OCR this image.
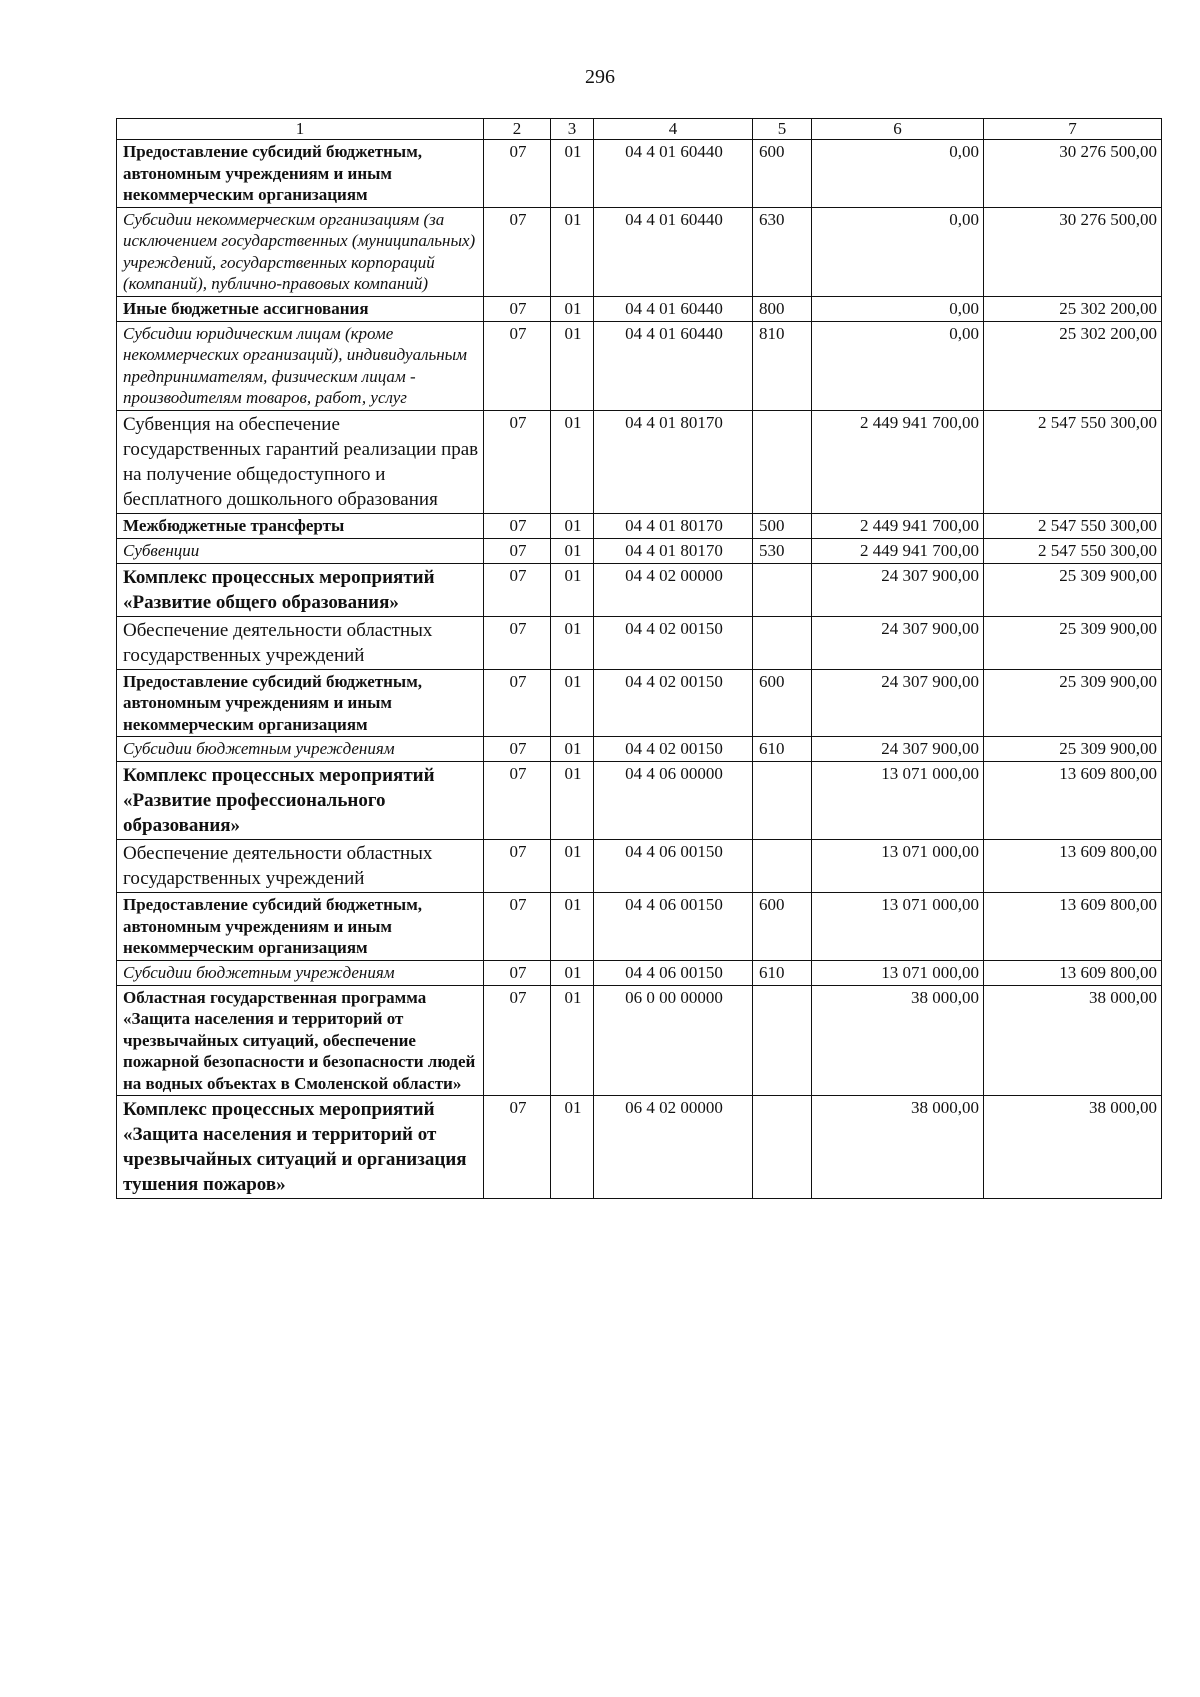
296
1	2	3	4	5	6	7
Предоставление субсидий бюджетным, автономным учреждениям и иным некоммерческим организациям	07	01	04 4 01 60440	600	0,00	30 276 500,00
Субсидии некоммерческим организациям (за исключением государственных (муниципальных) учреждений, государственных корпораций (компаний), публично-правовых компаний)	07	01	04 4 01 60440	630	0,00	30 276 500,00
Иные бюджетные ассигнования	07	01	04 4 01 60440	800	0,00	25 302 200,00
Субсидии юридическим лицам (кроме некоммерческих организаций), индивидуальным предпринимателям, физическим лицам - производителям товаров, работ, услуг	07	01	04 4 01 60440	810	0,00	25 302 200,00
Субвенция на обеспечение государственных гарантий реализации прав на получение общедоступного и бесплатного дошкольного образования	07	01	04 4 01 80170		2 449 941 700,00	2 547 550 300,00
Межбюджетные трансферты	07	01	04 4 01 80170	500	2 449 941 700,00	2 547 550 300,00
Субвенции	07	01	04 4 01 80170	530	2 449 941 700,00	2 547 550 300,00
Комплекс процессных мероприятий «Развитие общего образования»	07	01	04 4 02 00000		24 307 900,00	25 309 900,00
Обеспечение деятельности областных государственных учреждений	07	01	04 4 02 00150		24 307 900,00	25 309 900,00
Предоставление субсидий бюджетным, автономным учреждениям и иным некоммерческим организациям	07	01	04 4 02 00150	600	24 307 900,00	25 309 900,00
Субсидии бюджетным учреждениям	07	01	04 4 02 00150	610	24 307 900,00	25 309 900,00
Комплекс процессных мероприятий «Развитие профессионального образования»	07	01	04 4 06 00000		13 071 000,00	13 609 800,00
Обеспечение деятельности областных государственных учреждений	07	01	04 4 06 00150		13 071 000,00	13 609 800,00
Предоставление субсидий бюджетным, автономным учреждениям и иным некоммерческим организациям	07	01	04 4 06 00150	600	13 071 000,00	13 609 800,00
Субсидии бюджетным учреждениям	07	01	04 4 06 00150	610	13 071 000,00	13 609 800,00
Областная государственная программа «Защита населения и территорий от чрезвычайных ситуаций, обеспечение пожарной безопасности и безопасности людей на водных объектах в Смоленской области»	07	01	06 0 00 00000		38 000,00	38 000,00
Комплекс процессных мероприятий «Защита населения и территорий от чрезвычайных ситуаций и организация тушения пожаров»	07	01	06 4 02 00000		38 000,00	38 000,00
